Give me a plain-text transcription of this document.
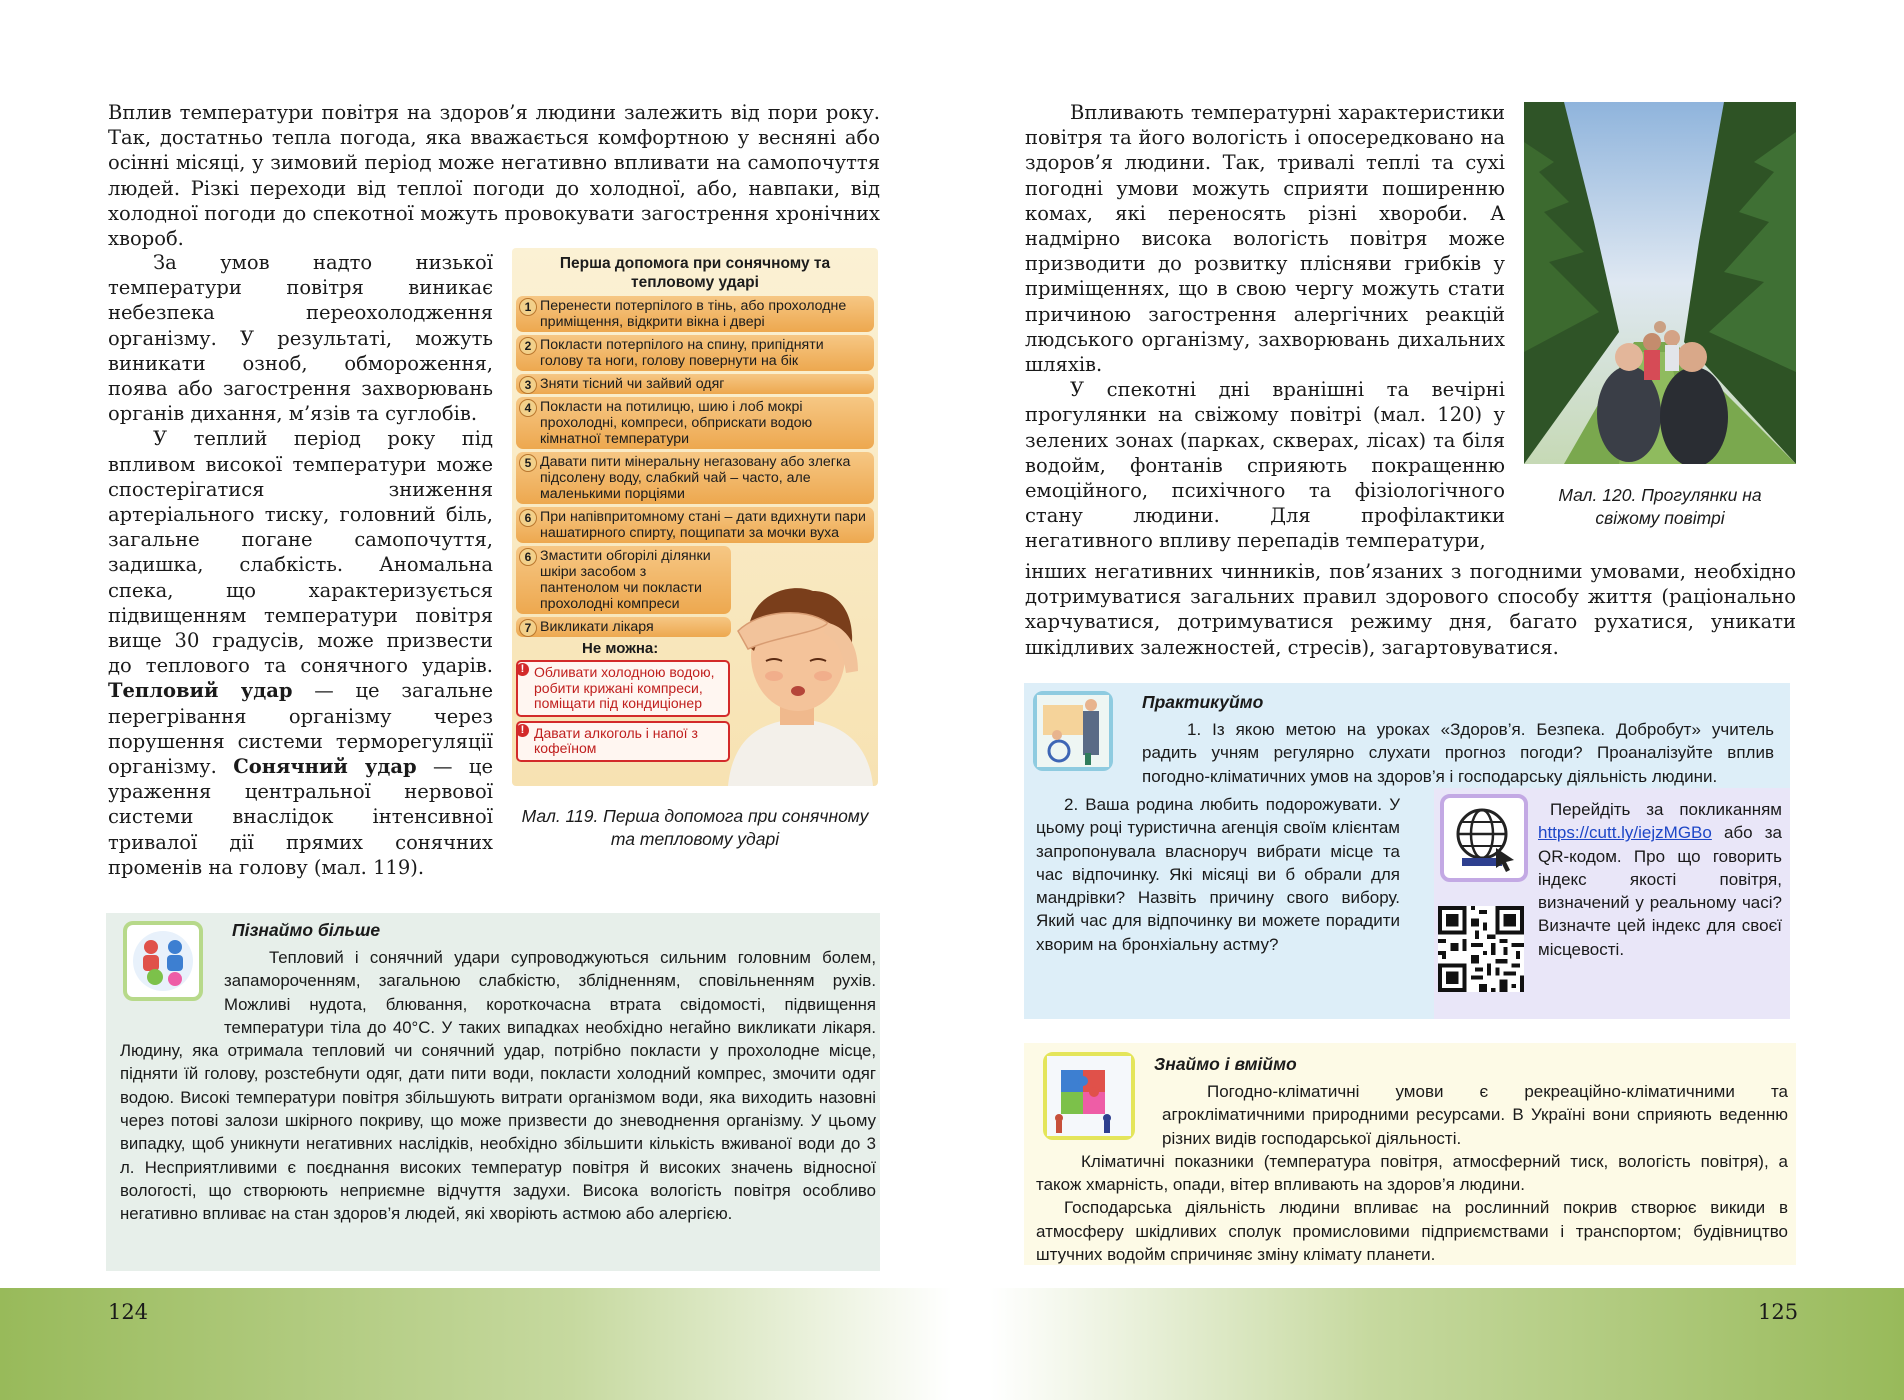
Вплив температури повітря на здоров’я людини залежить від пори року. Так, достатньо тепла погода, яка вважається комфортною у весняні або осінні місяці, у зимовий період може негативно впливати на самопочуття людей. Різкі переходи від теплої погоди до холодної, або, навпаки, від холодної погоди до спекотної можуть провокувати загострення хронічних хвороб.

За умов надто низької температури повітря виникає небезпека переохолодження організму. У результаті, можуть виникати озноб, обмороження, поява або загострення захворювань органів дихання, м’язів та суглобів.

У теплий період року під впливом високої температури може спостерігатися зниження артеріального тиску, головний біль, загальне погане самопочуття, задишка, слабкість. Аномальна спека, що характеризується підвищенням температури повітря вище 30 градусів, може призвести до теплового та сонячного ударів. Тепловий удар — це загальне перегрівання організму через порушення системи терморегуляції організму. Сонячний удар — це ураження центральної нервової системи внаслідок інтенсивної тривалої дії прямих сонячних променів на голову (мал. 119).

Перша допомога при сонячному та тепловому ударі
1 Перенести потерпілого в тінь, або прохолодне приміщення, відкрити вікна і двері
2 Покласти потерпілого на спину, припідняти голову та ноги, голову повернути на бік
3 Зняти тісний чи зайвий одяг
4 Покласти на потилицю, шию і лоб мокрі прохолодні, компреси, обприскати водою кімнатної температури
5 Давати пити мінеральну негазовану або злегка підсолену воду, слабкий чай – часто, але маленькими порціями
6 При напівпритомному стані – дати вдихнути пари нашатирного спирту, пощипати за мочки вуха
6 Змастити обгорілі ділянки шкіри засобом з пантенолом чи покласти прохолодні компреси
7 Викликати лікаря
Не можна:
! Обливати холодною водою, робити крижані компреси, поміщати під кондиціонер
! Давати алкоголь і напої з кофеїном
Мал. 119. Перша допомога при сонячному та тепловому ударі
Пізнаймо більше

Тепловий і сонячний удари супроводжуються сильним головним болем, запамороченням, загальною слабкістю, зблідненням, сповільненням рухів. Можливі нудота, блювання, короткочасна втрата свідомості, підвищення температури тіла до 40°С. У таких випадках необхідно негайно викликати лікаря. Людину, яка отримала тепловий чи сонячний удар, потрібно покласти у прохолодне місце, підняти їй голову, розстебнути одяг, дати пити води, покласти холодний компрес, змочити одяг водою. Високі температури повітря збільшують витрати організмом води, яка виходить назовні через потові залози шкірного покриву, що може призвести до зневоднення організму. У цьому випадку, щоб уникнути негативних наслідків, необхідно збільшити кількість вживаної води до 3 л. Несприятливими є поєднання високих температур повітря й високих значень відносної вологості, що створюють неприємне відчуття задухи. Висока вологість повітря особливо негативно впливає на стан здоров’я людей, які хворіють астмою або алергією.

Впливають температурні характеристики повітря та його вологість і опосередковано на здоров’я людини. Так, тривалі теплі та сухі погодні умови можуть сприяти поширенню комах, які переносять різні хвороби. А надмірно висока вологість повітря може призводити до розвитку плісняви грибків у приміщеннях, що в свою чергу можуть стати причиною загострення алергічних реакцій людського організму, захворювань дихальних шляхів.

У спекотні дні вранішні та вечірні прогулянки на свіжому повітрі (мал. 120) у зелених зонах (парках, скверах, лісах) та біля водойм, фонтанів сприяють покращенню емоційного, психічного та фізіологічного стану людини. Для профілактики негативного впливу перепадів температури,

інших негативних чинників, пов’язаних з погодними умовами, необхідно дотримуватися загальних правил здорового способу життя (раціонально харчуватися, дотримуватися режиму дня, багато рухатися, уникати шкідливих залежностей, стресів), загартовуватися.

Мал. 120. Прогулянки на свіжому повітрі
Практикуймо

1. Із якою метою на уроках «Здоров’я. Безпека. Добробут» учитель радить учням регулярно слухати прогноз погоди? Проаналізуйте вплив погодно-кліматичних умов на здоров’я і господарську діяльність людини.

2. Ваша родина любить подорожувати. У цьому році туристична агенція своїм клієнтам запропонувала власноруч вибрати місце та час відпочинку. Які місяці ви б обрали для мандрівки? Назвіть причину свого вибору. Який час для відпочинку ви можете порадити хворим на бронхіальну астму?

Перейдіть за покликанням https://cutt.ly/iejzMGBo або за QR-кодом. Про що говорить індекс якості повітря, визначений у реальному часі? Визначте цей індекс для своєї місцевості.

Знаймо і вміймо

Погодно-кліматичні умови є рекреаційно-кліматичними та агрокліматичними природними ресурсами. В Україні вони сприяють веденню різних видів господарської діяльності.

Кліматичні показники (температура повітря, атмосферний тиск, вологість повітря), а також хмарність, опади, вітер впливають на здоров’я людини.

Господарська діяльність людини впливає на рослинний покрив створює викиди в атмосферу шкідливих сполук промисловими підприємствами і транспортом; будівництво штучних водойм спричиняє зміну клімату планети.

124	125
